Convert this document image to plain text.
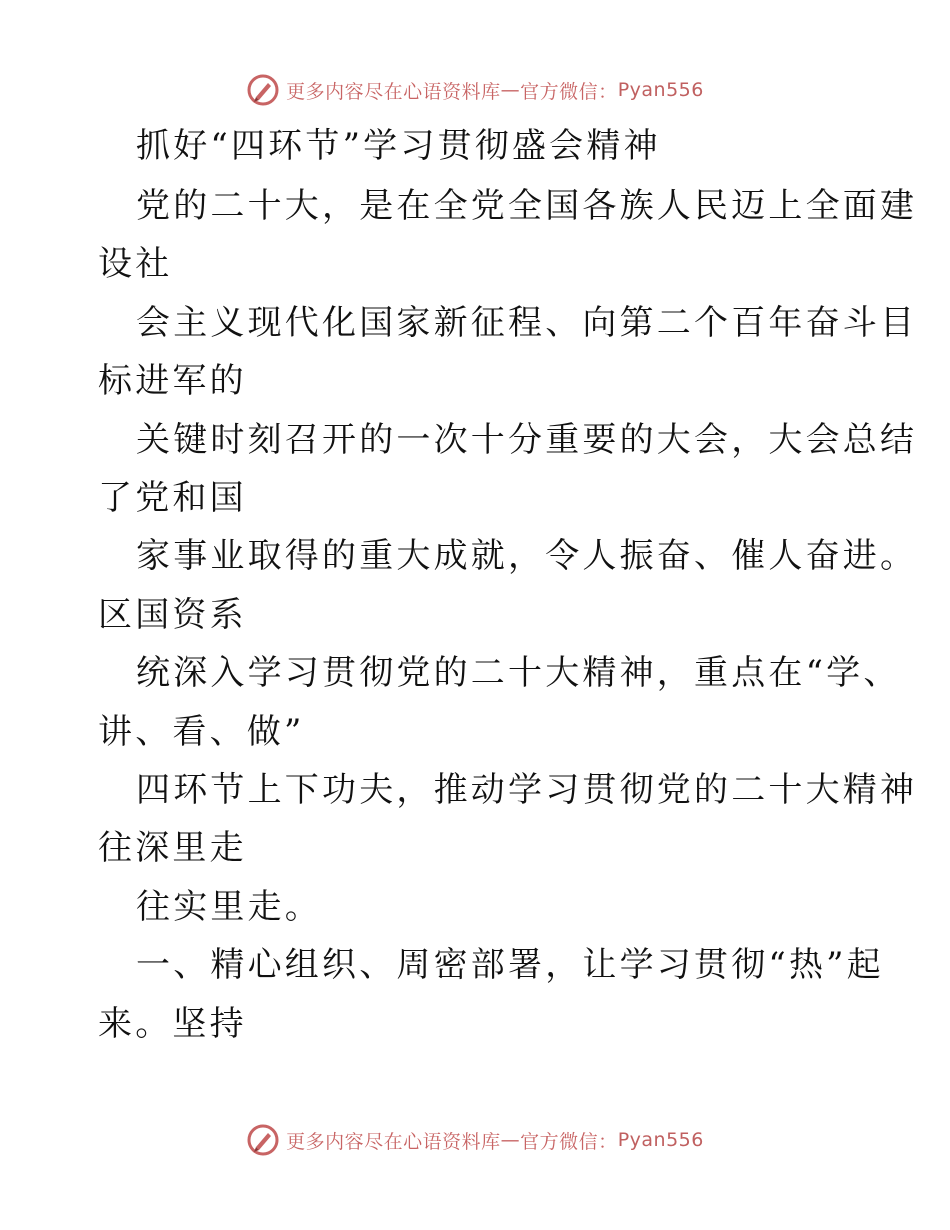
更多内容尽在心语资料库 — 官方微信： Pyan556
抓好“四环节”学习贯彻盛会精神
党的二十大，是在全党全国各族人民迈上全面建
设社
会主义现代化国家新征程、向第二个百年奋斗目
标进军的
关键时刻召开的一次十分重要的大会，大会总结
了党和国
家事业取得的重大成就，令人振奋、催人奋进。
区国资系
统深入学习贯彻党的二十大精神，重点在“学、
讲、看、做”
四环节上下功夫，推动学习贯彻党的二十大精神
往深里走
往实里走。
一、精心组织、周密部署，让学习贯彻“热”起
来。坚持
更多内容尽在心语资料库 — 官方微信： Pyan556
